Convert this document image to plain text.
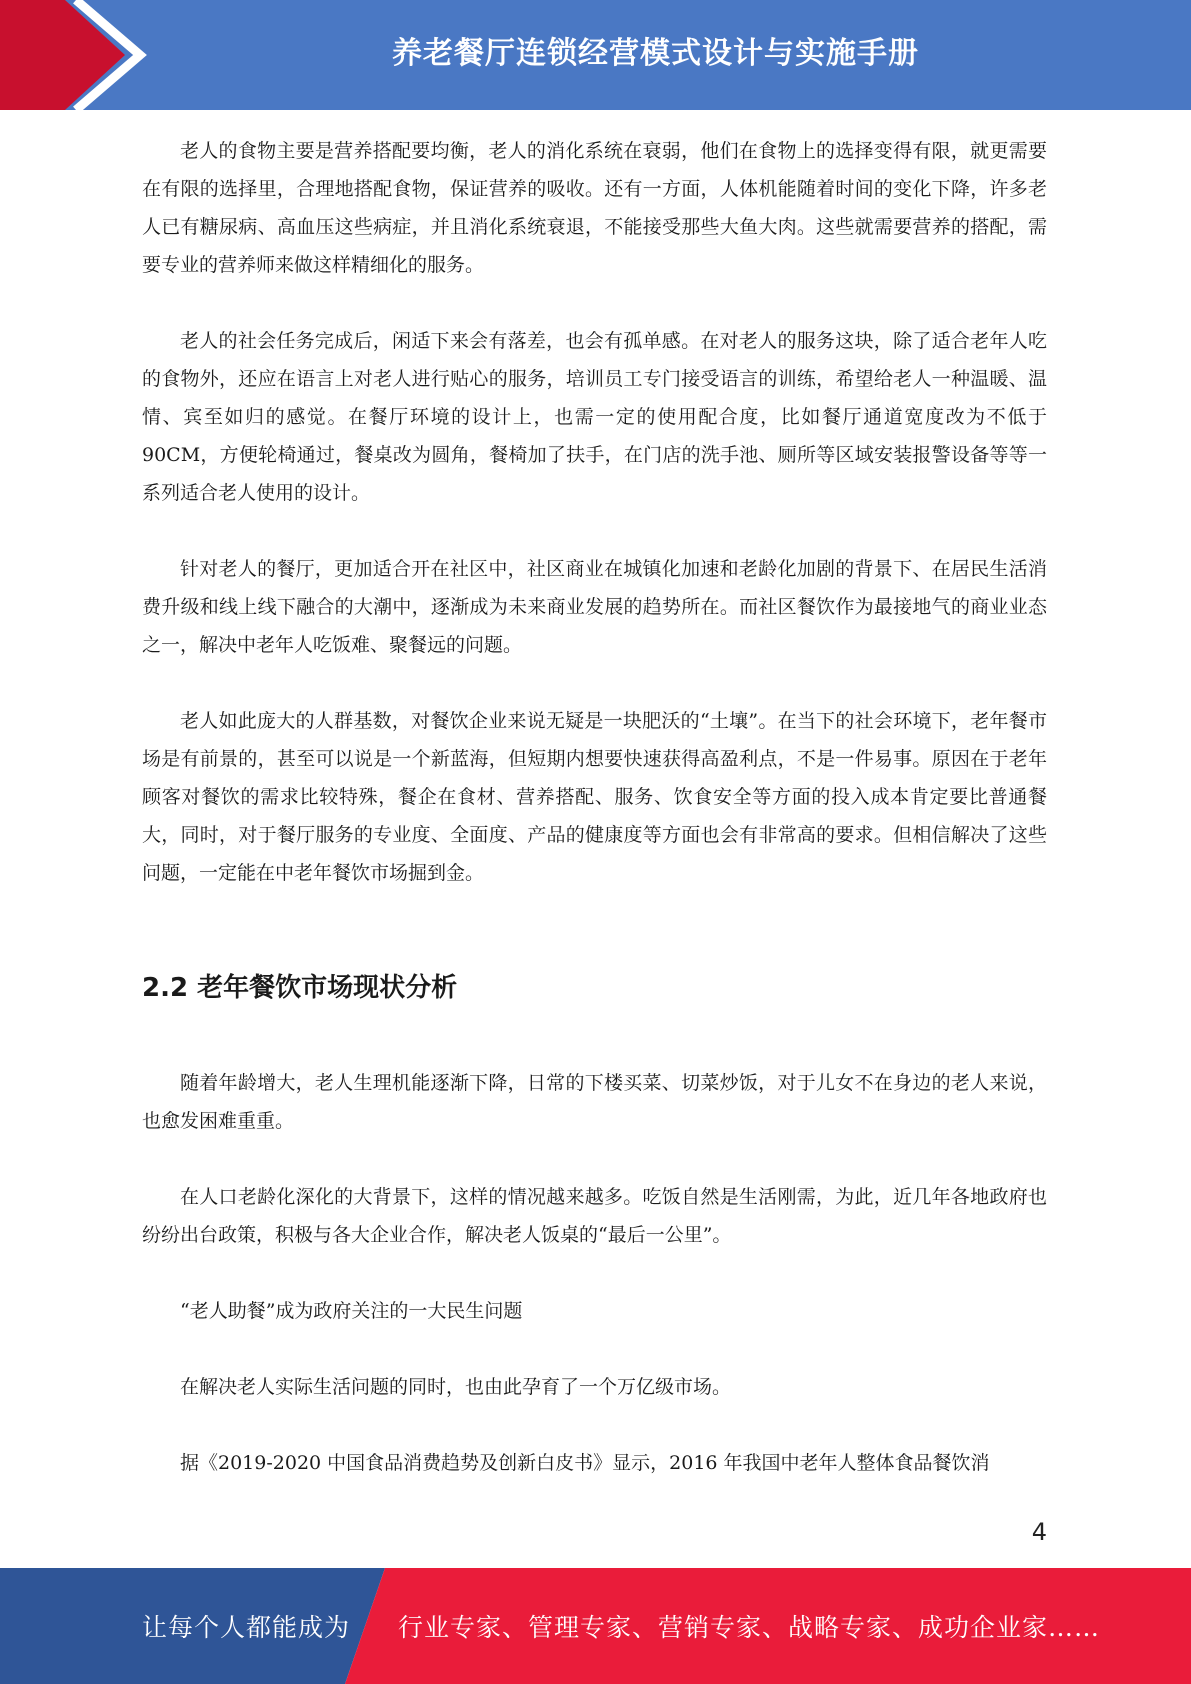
养老餐厅连锁经营模式设计与实施手册

老人的食物主要是营养搭配要均衡，老人的消化系统在衰弱，他们在食物上的选择变得有限，就更需要在有限的选择里，合理地搭配食物，保证营养的吸收。还有一方面，人体机能随着时间的变化下降，许多老人已有糖尿病、高血压这些病症，并且消化系统衰退，不能接受那些大鱼大肉。这些就需要营养的搭配，需要专业的营养师来做这样精细化的服务。

老人的社会任务完成后，闲适下来会有落差，也会有孤单感。在对老人的服务这块，除了适合老年人吃的食物外，还应在语言上对老人进行贴心的服务，培训员工专门接受语言的训练，希望给老人一种温暖、温情、宾至如归的感觉。在餐厅环境的设计上，也需一定的使用配合度，比如餐厅通道宽度改为不低于 90CM，方便轮椅通过，餐桌改为圆角，餐椅加了扶手，在门店的洗手池、厕所等区域安装报警设备等等一系列适合老人使用的设计。

针对老人的餐厅，更加适合开在社区中，社区商业在城镇化加速和老龄化加剧的背景下、在居民生活消费升级和线上线下融合的大潮中，逐渐成为未来商业发展的趋势所在。而社区餐饮作为最接地气的商业业态之一，解决中老年人吃饭难、聚餐远的问题。

老人如此庞大的人群基数，对餐饮企业来说无疑是一块肥沃的“土壤”。在当下的社会环境下，老年餐市场是有前景的，甚至可以说是一个新蓝海，但短期内想要快速获得高盈利点，不是一件易事。原因在于老年顾客对餐饮的需求比较特殊，餐企在食材、营养搭配、服务、饮食安全等方面的投入成本肯定要比普通餐大，同时，对于餐厅服务的专业度、全面度、产品的健康度等方面也会有非常高的要求。但相信解决了这些问题，一定能在中老年餐饮市场掘到金。

2.2 老年餐饮市场现状分析

随着年龄增大，老人生理机能逐渐下降，日常的下楼买菜、切菜炒饭，对于儿女不在身边的老人来说，也愈发困难重重。

在人口老龄化深化的大背景下，这样的情况越来越多。吃饭自然是生活刚需，为此，近几年各地政府也纷纷出台政策，积极与各大企业合作，解决老人饭桌的“最后一公里”。

“老人助餐”成为政府关注的一大民生问题

在解决老人实际生活问题的同时，也由此孕育了一个万亿级市场。

据《2019-2020 中国食品消费趋势及创新白皮书》显示，2016 年我国中老年人整体食品餐饮消

4
让每个人都能成为 行业专家、管理专家、营销专家、战略专家、成功企业家……
